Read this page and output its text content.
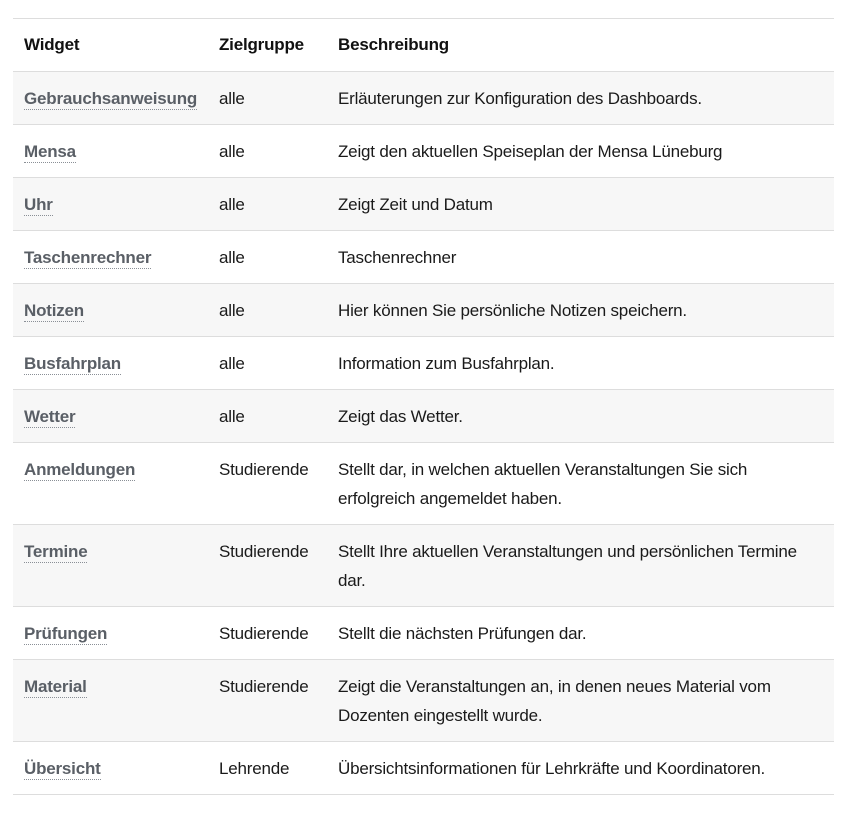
Widget	Zielgruppe	Beschreibung
Gebrauchsanweisung	alle	Erläuterungen zur Konfiguration des Dashboards.
Mensa	alle	Zeigt den aktuellen Speiseplan der Mensa Lüneburg
Uhr	alle	Zeigt Zeit und Datum
Taschenrechner	alle	Taschenrechner
Notizen	alle	Hier können Sie persönliche Notizen speichern.
Busfahrplan	alle	Information zum Busfahrplan.
Wetter	alle	Zeigt das Wetter.
Anmeldungen	Studierende	Stellt dar, in welchen aktuellen Veranstaltungen Sie sich erfolgreich angemeldet haben.
Termine	Studierende	Stellt Ihre aktuellen Veranstaltungen und persönlichen Termine dar.
Prüfungen	Studierende	Stellt die nächsten Prüfungen dar.
Material	Studierende	Zeigt die Veranstaltungen an, in denen neues Material vom Dozenten eingestellt wurde.
Übersicht	Lehrende	Übersichtsinformationen für Lehrkräfte und Koordinatoren.
